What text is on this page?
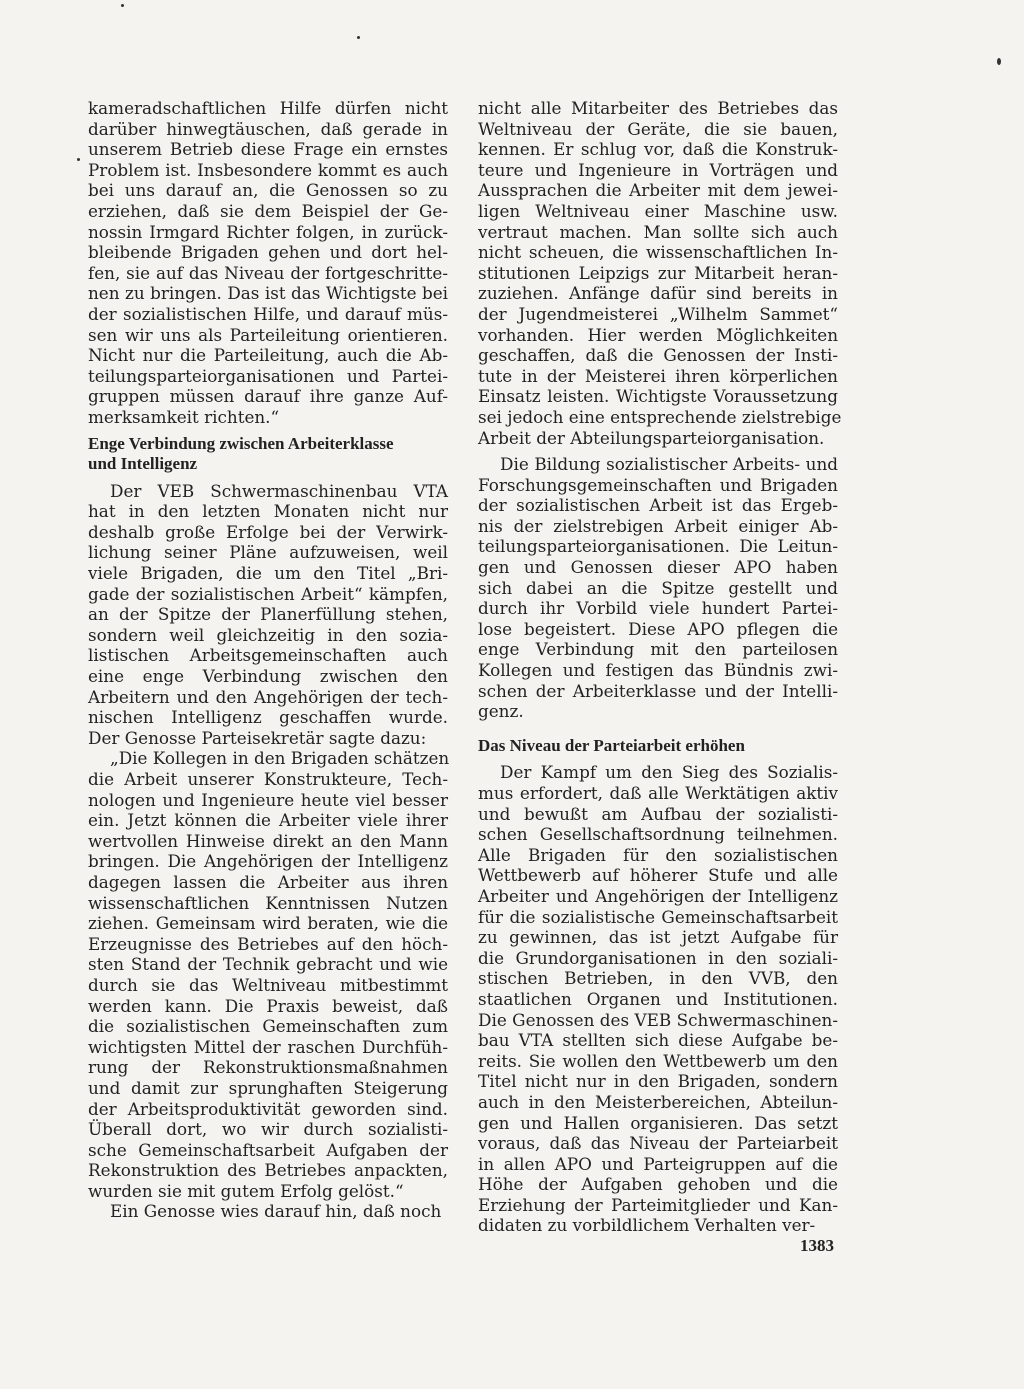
kameradschaftlichen Hilfe dürfen nicht
darüber hinwegtäuschen, daß gerade in
unserem Betrieb diese Frage ein ernstes
Problem ist. Insbesondere kommt es auch
bei uns darauf an, die Genossen so zu
erziehen, daß sie dem Beispiel der Ge-
nossin Irmgard Richter folgen, in zurück-
bleibende Brigaden gehen und dort hel-
fen, sie auf das Niveau der fortgeschritte-
nen zu bringen. Das ist das Wichtigste bei
der sozialistischen Hilfe, und darauf müs-
sen wir uns als Parteileitung orientieren.
Nicht nur die Parteileitung, auch die Ab-
teilungsparteiorganisationen und Partei-
gruppen müssen darauf ihre ganze Auf-
merksamkeit richten.“
Enge Verbindung zwischen Arbeiterklasse
und Intelligenz
Der VEB Schwermaschinenbau VTA
hat in den letzten Monaten nicht nur
deshalb große Erfolge bei der Verwirk-
lichung seiner Pläne aufzuweisen, weil
viele Brigaden, die um den Titel „Bri-
gade der sozialistischen Arbeit“ kämpfen,
an der Spitze der Planerfüllung stehen,
sondern weil gleichzeitig in den sozia-
listischen Arbeitsgemeinschaften auch
eine enge Verbindung zwischen den
Arbeitern und den Angehörigen der tech-
nischen Intelligenz geschaffen wurde.
Der Genosse Parteisekretär sagte dazu:
„Die Kollegen in den Brigaden schätzen
die Arbeit unserer Konstrukteure, Tech-
nologen und Ingenieure heute viel besser
ein. Jetzt können die Arbeiter viele ihrer
wertvollen Hinweise direkt an den Mann
bringen. Die Angehörigen der Intelligenz
dagegen lassen die Arbeiter aus ihren
wissenschaftlichen Kenntnissen Nutzen
ziehen. Gemeinsam wird beraten, wie die
Erzeugnisse des Betriebes auf den höch-
sten Stand der Technik gebracht und wie
durch sie das Weltniveau mitbestimmt
werden kann. Die Praxis beweist, daß
die sozialistischen Gemeinschaften zum
wichtigsten Mittel der raschen Durchfüh-
rung der Rekonstruktionsmaßnahmen
und damit zur sprunghaften Steigerung
der Arbeitsproduktivität geworden sind.
Überall dort, wo wir durch sozialisti-
sche Gemeinschaftsarbeit Aufgaben der
Rekonstruktion des Betriebes anpackten,
wurden sie mit gutem Erfolg gelöst.“
Ein Genosse wies darauf hin, daß noch
nicht alle Mitarbeiter des Betriebes das
Weltniveau der Geräte, die sie bauen,
kennen. Er schlug vor, daß die Konstruk-
teure und Ingenieure in Vorträgen und
Aussprachen die Arbeiter mit dem jewei-
ligen Weltniveau einer Maschine usw.
vertraut machen. Man sollte sich auch
nicht scheuen, die wissenschaftlichen In-
stitutionen Leipzigs zur Mitarbeit heran-
zuziehen. Anfänge dafür sind bereits in
der Jugendmeisterei „Wilhelm Sammet“
vorhanden. Hier werden Möglichkeiten
geschaffen, daß die Genossen der Insti-
tute in der Meisterei ihren körperlichen
Einsatz leisten. Wichtigste Voraussetzung
sei jedoch eine entsprechende zielstrebige
Arbeit der Abteilungsparteiorganisation.
Die Bildung sozialistischer Arbeits- und
Forschungsgemeinschaften und Brigaden
der sozialistischen Arbeit ist das Ergeb-
nis der zielstrebigen Arbeit einiger Ab-
teilungsparteiorganisationen. Die Leitun-
gen und Genossen dieser APO haben
sich dabei an die Spitze gestellt und
durch ihr Vorbild viele hundert Partei-
lose begeistert. Diese APO pflegen die
enge Verbindung mit den parteilosen
Kollegen und festigen das Bündnis zwi-
schen der Arbeiterklasse und der Intelli-
genz.
Das Niveau der Parteiarbeit erhöhen
Der Kampf um den Sieg des Sozialis-
mus erfordert, daß alle Werktätigen aktiv
und bewußt am Aufbau der sozialisti-
schen Gesellschaftsordnung teilnehmen.
Alle Brigaden für den sozialistischen
Wettbewerb auf höherer Stufe und alle
Arbeiter und Angehörigen der Intelligenz
für die sozialistische Gemeinschaftsarbeit
zu gewinnen, das ist jetzt Aufgabe für
die Grundorganisationen in den soziali-
stischen Betrieben, in den VVB, den
staatlichen Organen und Institutionen.
Die Genossen des VEB Schwermaschinen-
bau VTA stellten sich diese Aufgabe be-
reits. Sie wollen den Wettbewerb um den
Titel nicht nur in den Brigaden, sondern
auch in den Meisterbereichen, Abteilun-
gen und Hallen organisieren. Das setzt
voraus, daß das Niveau der Parteiarbeit
in allen APO und Parteigruppen auf die
Höhe der Aufgaben gehoben und die
Erziehung der Parteimitglieder und Kan-
didaten zu vorbildlichem Verhalten ver-
1383
